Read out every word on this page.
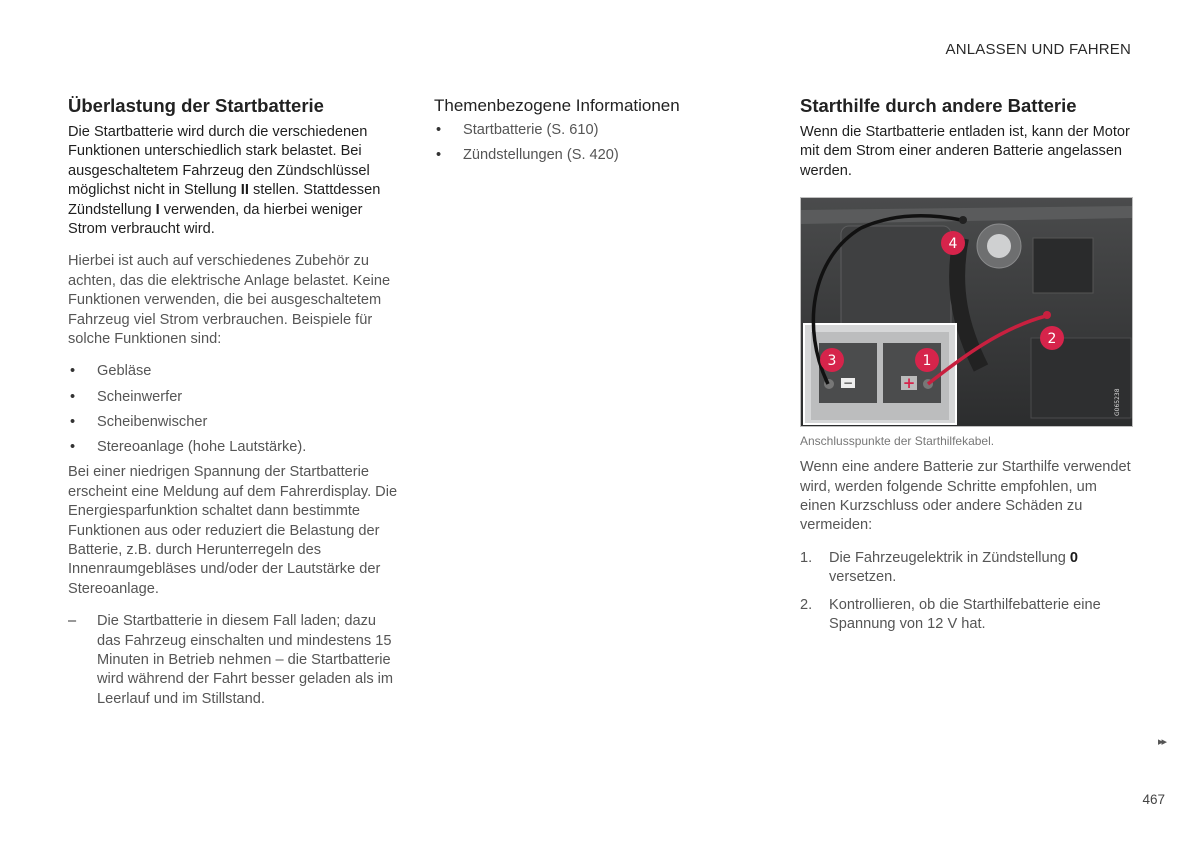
ANLASSEN UND FAHREN
Überlastung der Startbatterie

Die Startbatterie wird durch die verschiedenen Funktionen unterschiedlich stark belastet. Bei ausgeschaltetem Fahrzeug den Zündschlüssel möglichst nicht in Stellung II stellen. Stattdessen Zündstellung I verwenden, da hierbei weniger Strom verbraucht wird.

Hierbei ist auch auf verschiedenes Zubehör zu achten, das die elektrische Anlage belastet. Keine Funktionen verwenden, die bei ausgeschaltetem Fahrzeug viel Strom verbrauchen. Beispiele für solche Funktionen sind:

• Gebläse
• Scheinwerfer
• Scheibenwischer
• Stereoanlage (hohe Lautstärke).

Bei einer niedrigen Spannung der Startbatterie erscheint eine Meldung auf dem Fahrerdisplay. Die Energiesparfunktion schaltet dann bestimmte Funktionen aus oder reduziert die Belastung der Batterie, z.B. durch Herunterregeln des Innenraumgebläses und/oder der Lautstärke der Stereoanlage.

– Die Startbatterie in diesem Fall laden; dazu das Fahrzeug einschalten und mindestens 15 Minuten in Betrieb nehmen – die Startbatterie wird während der Fahrt besser geladen als im Leerlauf und im Stillstand.
Themenbezogene Informationen
• Startbatterie (S. 610)
• Zündstellungen (S. 420)
Starthilfe durch andere Batterie

Wenn die Startbatterie entladen ist, kann der Motor mit dem Strom einer anderen Batterie angelassen werden.

−	+
4
2
3	1
G065238
Anschlusspunkte der Starthilfekabel.

Wenn eine andere Batterie zur Starthilfe verwendet wird, werden folgende Schritte empfohlen, um einen Kurzschluss oder andere Schäden zu vermeiden:

1. Die Fahrzeugelektrik in Zündstellung 0 versetzen.
2. Kontrollieren, ob die Starthilfebatterie eine Spannung von 12 V hat.
▸▸
467
